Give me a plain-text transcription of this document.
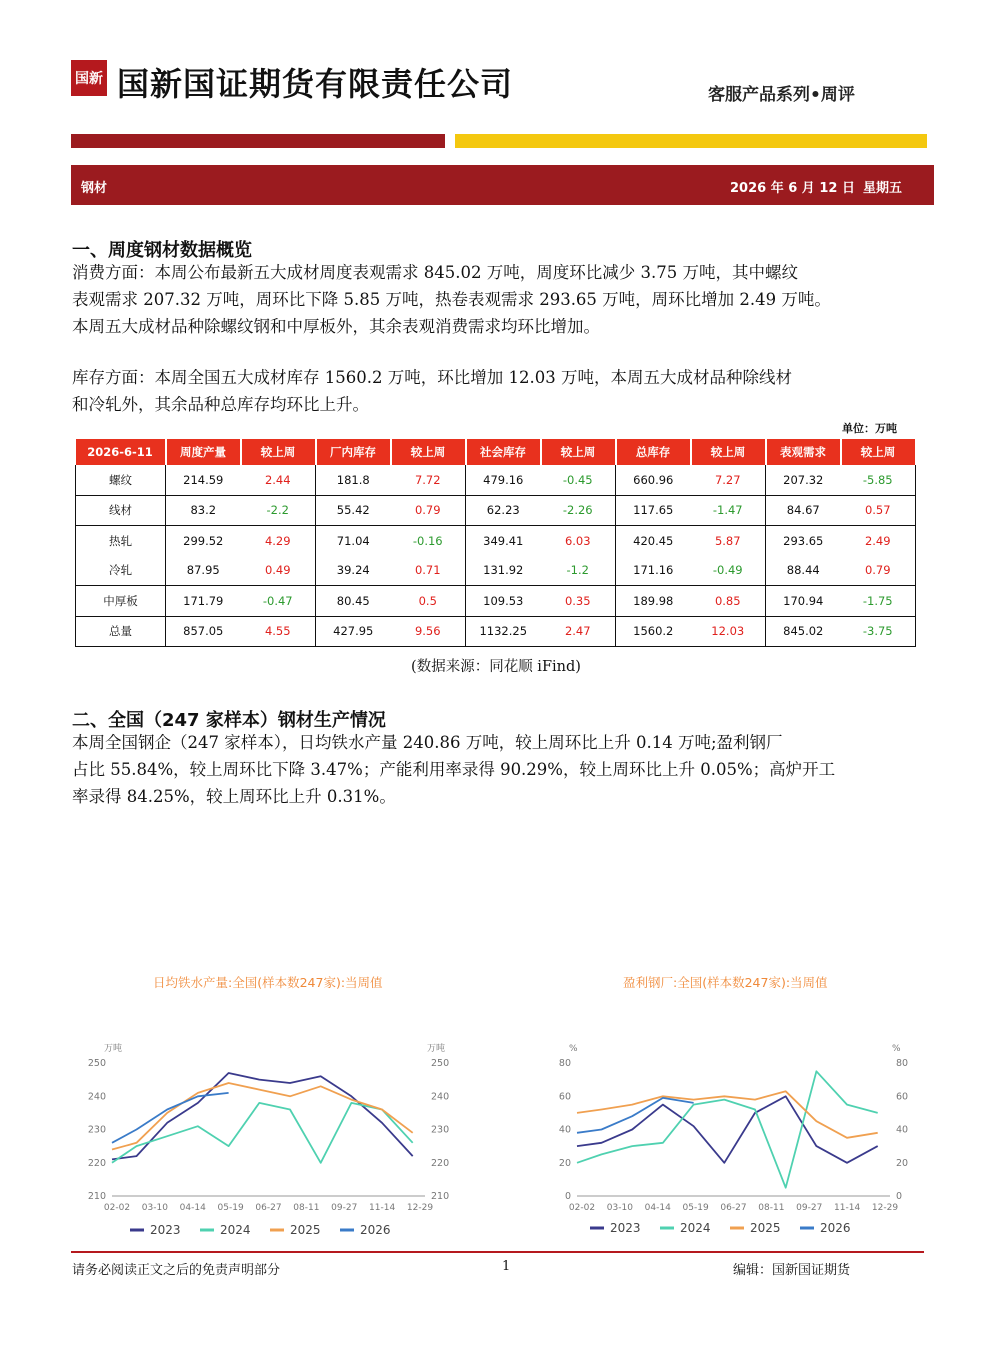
国新 国新国证期货有限责任公司	客服产品系列•周评
钢材	2026 年 6 月 12 日 星期五
一、周度钢材数据概览
消费方面：本周公布最新五大成材周度表观需求 845.02 万吨，周度环比减少 3.75 万吨，其中螺纹
表观需求 207.32 万吨，周环比下降 5.85 万吨，热卷表观需求 293.65 万吨，周环比增加 2.49 万吨。
本周五大成材品种除螺纹钢和中厚板外，其余表观消费需求均环比增加。
库存方面：本周全国五大成材库存 1560.2 万吨，环比增加 12.03 万吨，本周五大成材品种除线材
和冷轧外，其余品种总库存均环比上升。
单位：万吨
2026-6-11	周度产量	较上周	厂内库存	较上周	社会库存	较上周	总库存	较上周	表观需求	较上周
螺纹	214.59	2.44	181.8	7.72	479.16	-0.45	660.96	7.27	207.32	-5.85
线材	83.2	-2.2	55.42	0.79	62.23	-2.26	117.65	-1.47	84.67	0.57
热轧	299.52	4.29	71.04	-0.16	349.41	6.03	420.45	5.87	293.65	2.49
冷轧	87.95	0.49	39.24	0.71	131.92	-1.2	171.16	-0.49	88.44	0.79
中厚板	171.79	-0.47	80.45	0.5	109.53	0.35	189.98	0.85	170.94	-1.75
总量	857.05	4.55	427.95	9.56	1132.25	2.47	1560.2	12.03	845.02	-3.75
(数据来源：同花顺 iFind)
二、全国（247 家样本）钢材生产情况
本周全国钢企（247 家样本），日均铁水产量 240.86 万吨，较上周环比上升 0.14 万吨;盈利钢厂
占比 55.84%，较上周环比下降 3.47%；产能利用率录得 90.29%，较上周环比上升 0.05%；高炉开工
率录得 84.25%，较上周环比上升 0.31%。
日均铁水产量:全国(样本数247家):当周值
万吨	万吨
210	210
220	220
230	230
240	240
250	250
02-02 03-10 04-14 05-19 06-27 08-11 09-27 11-14 12-29
盈利钢厂:全国(样本数247家):当周值
%	%
0	0
20	20
40	40
60	60
80	80
02-02 03-10 04-14 05-19 06-27 08-11 09-27 11-14 12-29
2023	2024	2025	2026	2023	2024	2025	2026
请务必阅读正文之后的免责声明部分	1	编辑：国新国证期货
